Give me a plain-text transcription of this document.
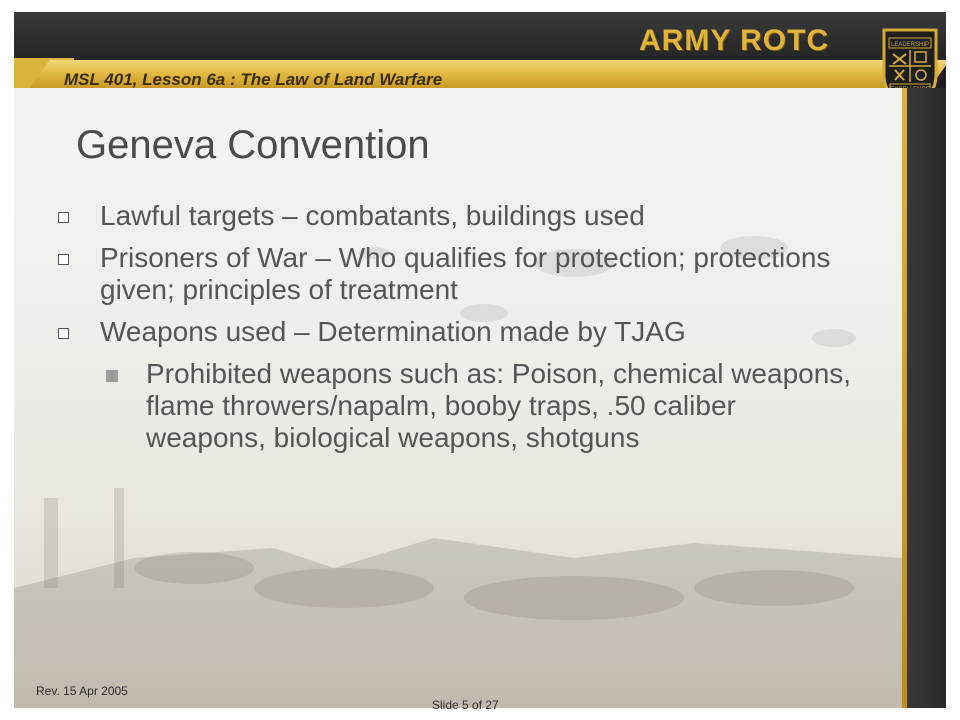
MSL 401, Lesson 6a : The Law of Land Warfare
ARMY ROTC	LEADERSHIP
Geneva Convention
Lawful targets – combatants, buildings used
Prisoners of War – Who qualifies for protection; protections given; principles of treatment
Weapons used – Determination made by TJAG
Prohibited weapons such as: Poison, chemical weapons, flame throwers/napalm, booby traps, .50 caliber weapons, biological weapons, shotguns
Rev. 15 Apr 2005
Slide 5 of 27
